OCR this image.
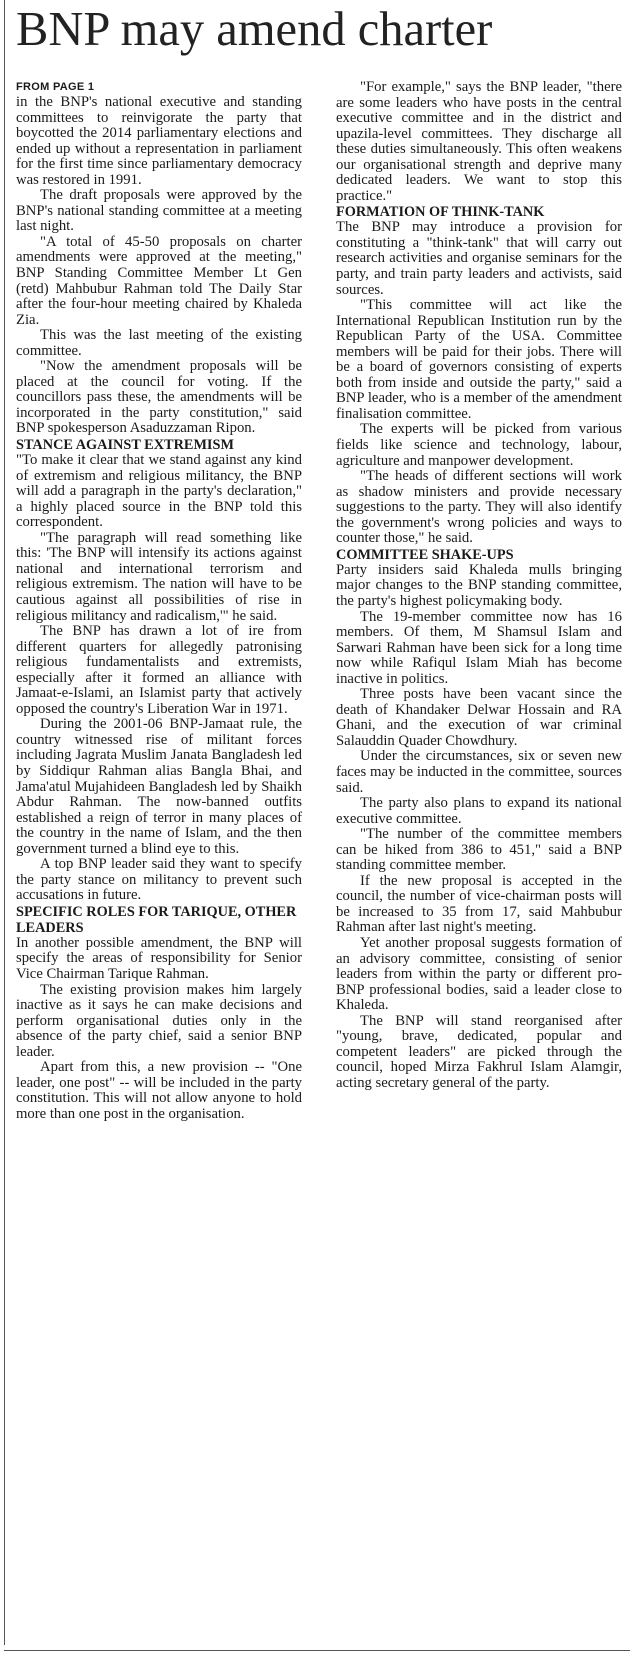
BNP may amend charter

FROM PAGE 1

in the BNP's national executive and standing committees to reinvigorate the party that boycotted the 2014 parliamentary elections and ended up without a representation in parliament for the first time since parliamentary democracy was restored in 1991.

The draft proposals were approved by the BNP's national standing committee at a meeting last night.

"A total of 45-50 proposals on charter amendments were approved at the meeting," BNP Standing Committee Member Lt Gen (retd) Mahbubur Rahman told The Daily Star after the four-hour meeting chaired by Khaleda Zia.

This was the last meeting of the existing committee.

"Now the amendment proposals will be placed at the council for voting. If the councillors pass these, the amendments will be incorporated in the party constitution," said BNP spokesperson Asaduzzaman Ripon.

STANCE AGAINST EXTREMISM

"To make it clear that we stand against any kind of extremism and religious militancy, the BNP will add a paragraph in the party's declaration," a highly placed source in the BNP told this correspondent.

"The paragraph will read something like this: 'The BNP will intensify its actions against national and international terrorism and religious extremism. The nation will have to be cautious against all possibilities of rise in religious militancy and radicalism,'" he said.

The BNP has drawn a lot of ire from different quarters for allegedly patronising religious fundamentalists and extremists, especially after it formed an alliance with Jamaat-e-Islami, an Islamist party that actively opposed the country's Liberation War in 1971.

During the 2001-06 BNP-Jamaat rule, the country witnessed rise of militant forces including Jagrata Muslim Janata Bangladesh led by Siddiqur Rahman alias Bangla Bhai, and Jama'atul Mujahideen Bangladesh led by Shaikh Abdur Rahman. The now-banned outfits established a reign of terror in many places of the country in the name of Islam, and the then government turned a blind eye to this.

A top BNP leader said they want to specify the party stance on militancy to prevent such accusations in future.

SPECIFIC ROLES FOR TARIQUE, OTHER LEADERS

In another possible amendment, the BNP will specify the areas of responsibility for Senior Vice Chairman Tarique Rahman.

The existing provision makes him largely inactive as it says he can make decisions and perform organisational duties only in the absence of the party chief, said a senior BNP leader.

Apart from this, a new provision -- "One leader, one post" -- will be included in the party constitution. This will not allow anyone to hold more than one post in the organisation.

"For example," says the BNP leader, "there are some leaders who have posts in the central executive committee and in the district and upazila-level committees. They discharge all these duties simultaneously. This often weakens our organisational strength and deprive many dedicated leaders. We want to stop this practice."

FORMATION OF THINK-TANK

The BNP may introduce a provision for constituting a "think-tank" that will carry out research activities and organise seminars for the party, and train party leaders and activists, said sources.

"This committee will act like the International Republican Institution run by the Republican Party of the USA. Committee members will be paid for their jobs. There will be a board of governors consisting of experts both from inside and outside the party," said a BNP leader, who is a member of the amendment finalisation committee.

The experts will be picked from various fields like science and technology, labour, agriculture and manpower development.

"The heads of different sections will work as shadow ministers and provide necessary suggestions to the party. They will also identify the government's wrong policies and ways to counter those," he said.

COMMITTEE SHAKE-UPS

Party insiders said Khaleda mulls bringing major changes to the BNP standing committee, the party's highest policymaking body.

The 19-member committee now has 16 members. Of them, M Shamsul Islam and Sarwari Rahman have been sick for a long time now while Rafiqul Islam Miah has become inactive in politics.

Three posts have been vacant since the death of Khandaker Delwar Hossain and RA Ghani, and the execution of war criminal Salauddin Quader Chowdhury.

Under the circumstances, six or seven new faces may be inducted in the committee, sources said.

The party also plans to expand its national executive committee.

"The number of the committee members can be hiked from 386 to 451," said a BNP standing committee member.

If the new proposal is accepted in the council, the number of vice-chairman posts will be increased to 35 from 17, said Mahbubur Rahman after last night's meeting.

Yet another proposal suggests formation of an advisory committee, consisting of senior leaders from within the party or different pro-BNP professional bodies, said a leader close to Khaleda.

The BNP will stand reorganised after "young, brave, dedicated, popular and competent leaders" are picked through the council, hoped Mirza Fakhrul Islam Alamgir, acting secretary general of the party.
